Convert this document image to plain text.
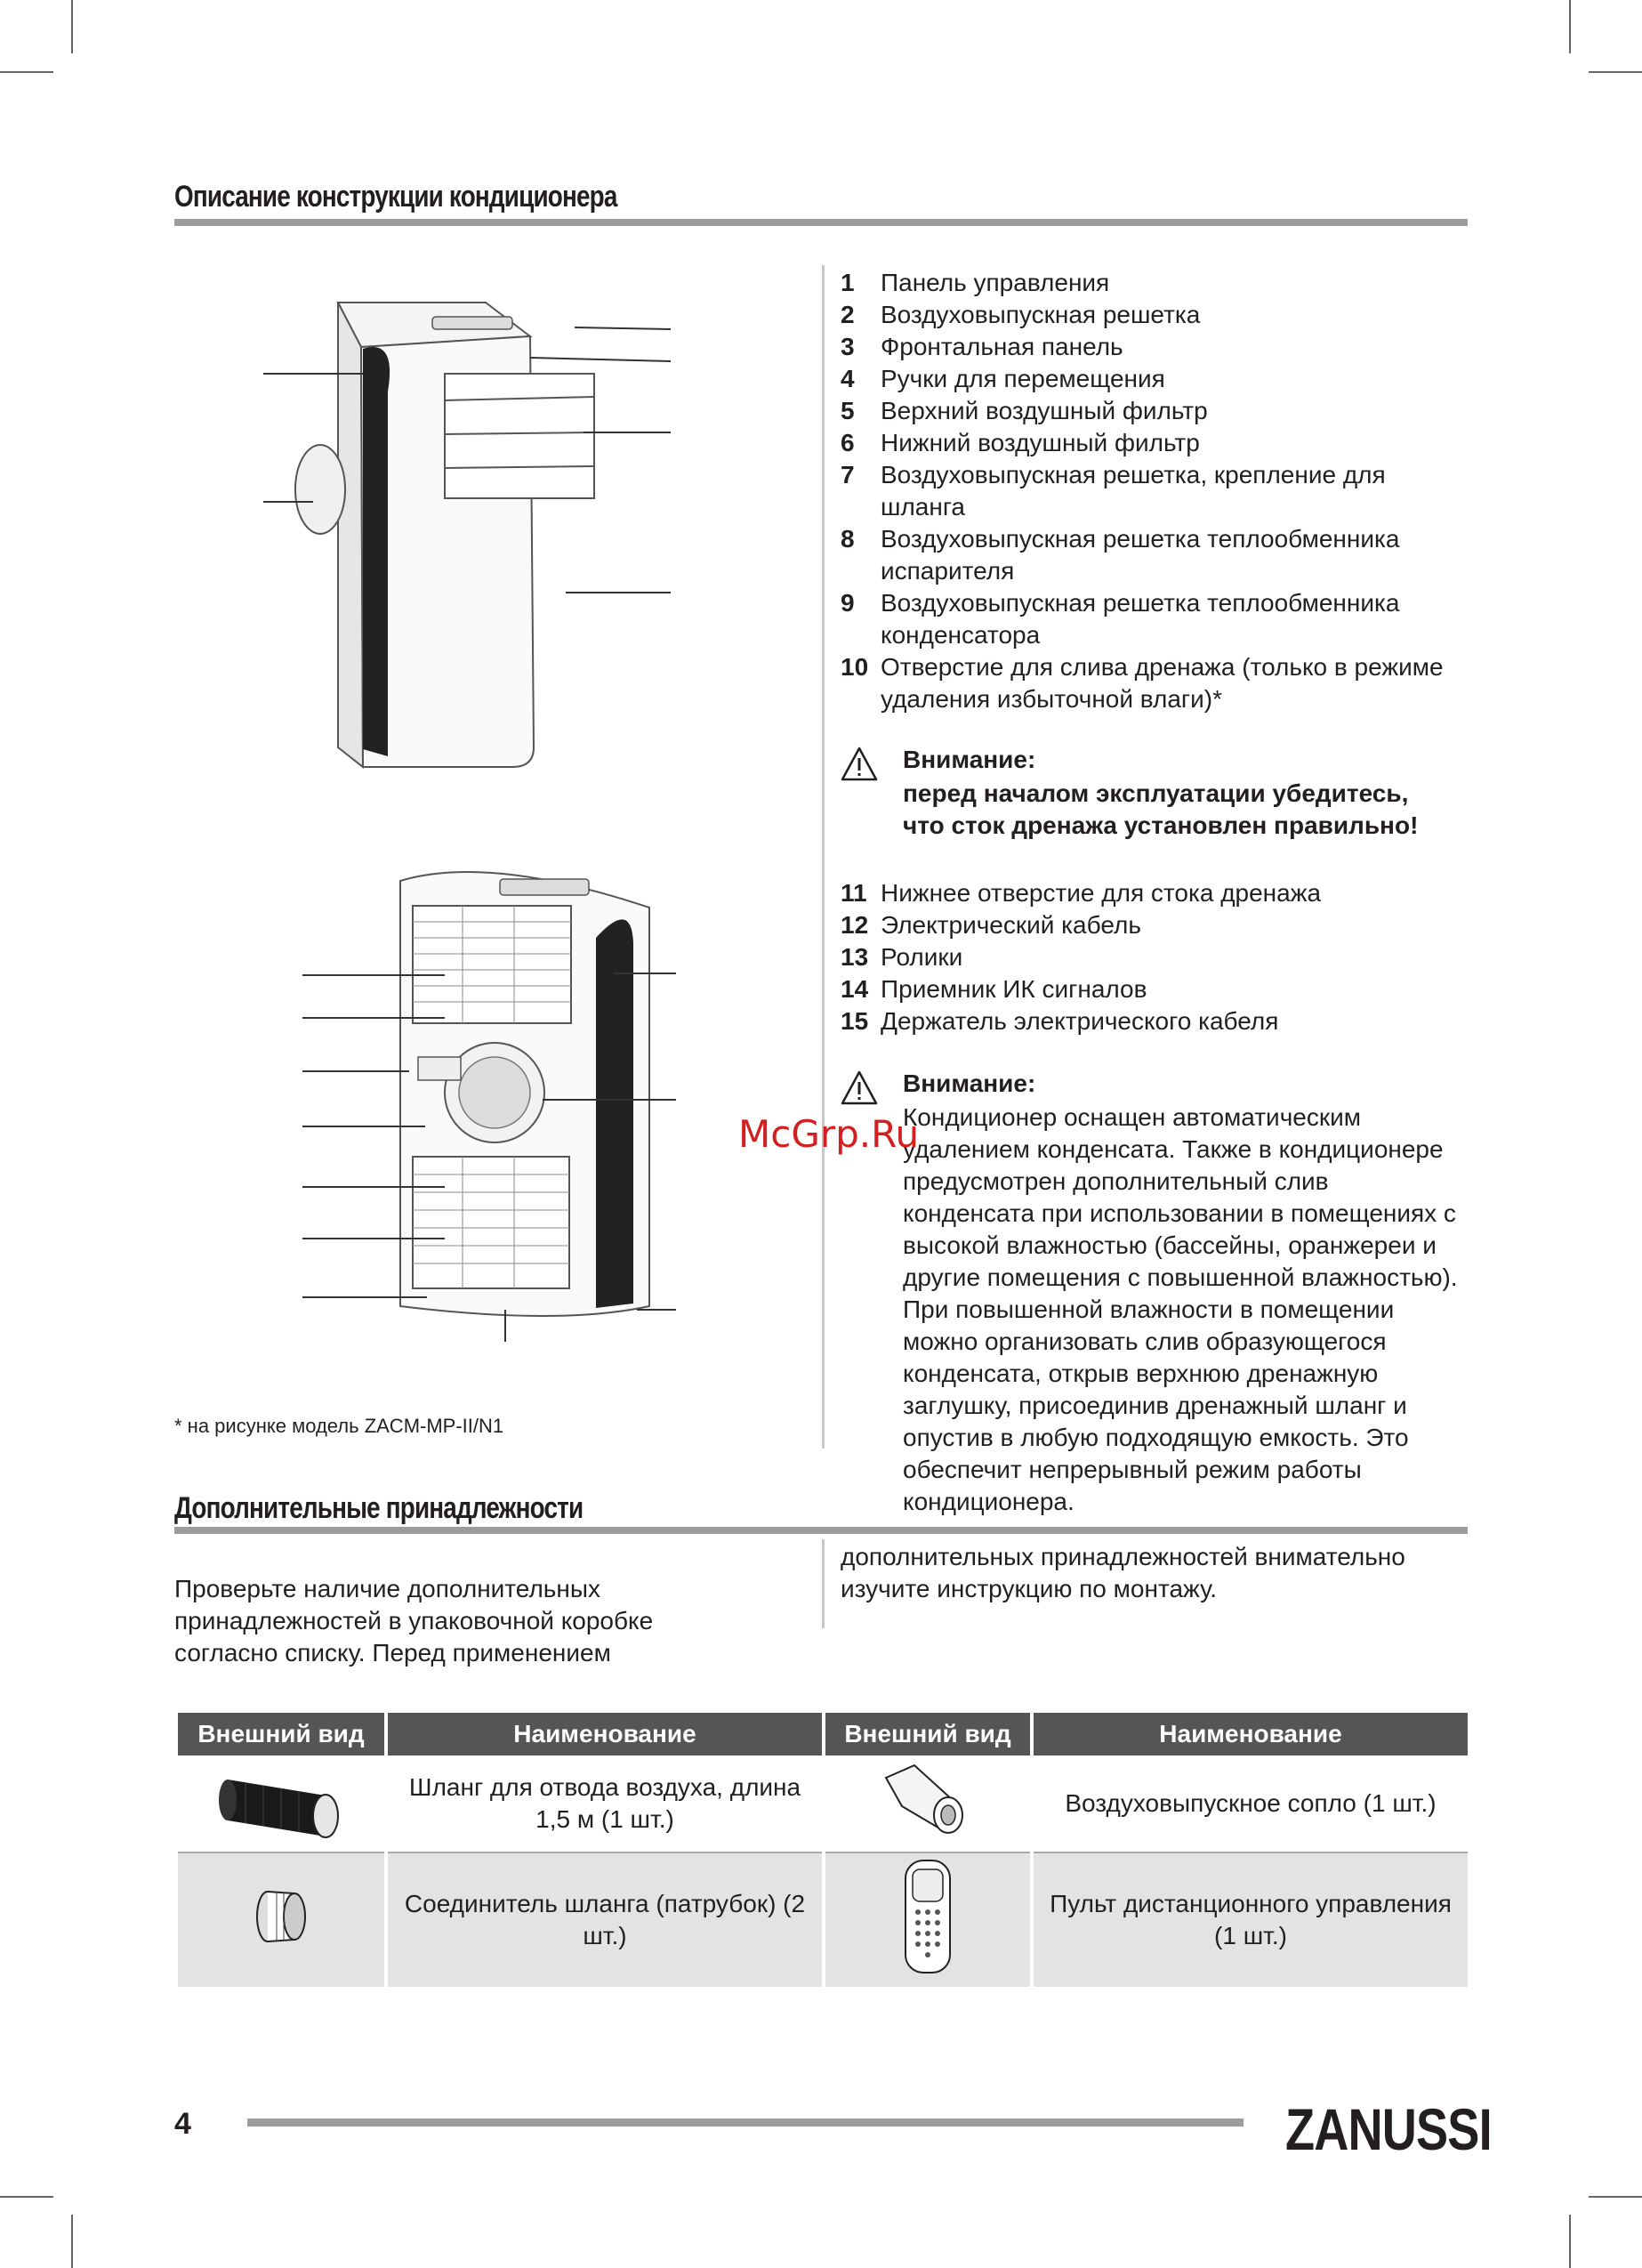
Описание конструкции кондиционера
* на рисунке модель ZACM-MP-II/N1
1	Панель управления
2	Воздуховыпускная решетка
3	Фронтальная панель
4	Ручки для перемещения
5	Верхний воздушный фильтр
6	Нижний воздушный фильтр
7	Воздуховыпускная решетка, крепление для шланга
8	Воздуховыпускная решетка теплообменника испарителя
9	Воздуховыпускная решетка теплообменника конденсатора
10 Отверстие для слива дренажа (только в режиме удаления избыточной влаги)*
Внимание:
перед началом эксплуатации убедитесь, что сток дренажа установлен правильно!
11 Нижнее отверстие для стока дренажа
12 Электрический кабель
13 Ролики
14 Приемник ИК сигналов
15 Держатель электрического кабеля
Внимание:
Кондиционер оснащен автоматическим удалением конденсата. Также в кондиционере предусмотрен дополнительный слив конденсата при использовании в помещениях с высокой влажностью (бассейны, оранжереи и другие помещения с повышенной влажностью). При повышенной влажности в помещении можно организовать слив образующегося конденсата, открыв верхнюю дренажную заглушку, присоединив дренажный шланг и опустив в любую подходящую емкость. Это обеспечит непрерывный режим работы кондиционера.
McGrp.Ru
Дополнительные принадлежности
Проверьте наличие дополнительных принадлежностей в упаковочной коробке согласно списку. Перед применением
дополнительных принадлежностей внимательно изучите инструкцию по монтажу.
Внешний вид	Наименование	Внешний вид	Наименование
	Шланг для отвода воздуха, длина 1,5 м (1 шт.)		Воздуховыпускное сопло (1 шт.)
	Соединитель шланга (патрубок) (2 шт.)		Пульт дистанционного управления (1 шт.)
4	ZANUSSI
